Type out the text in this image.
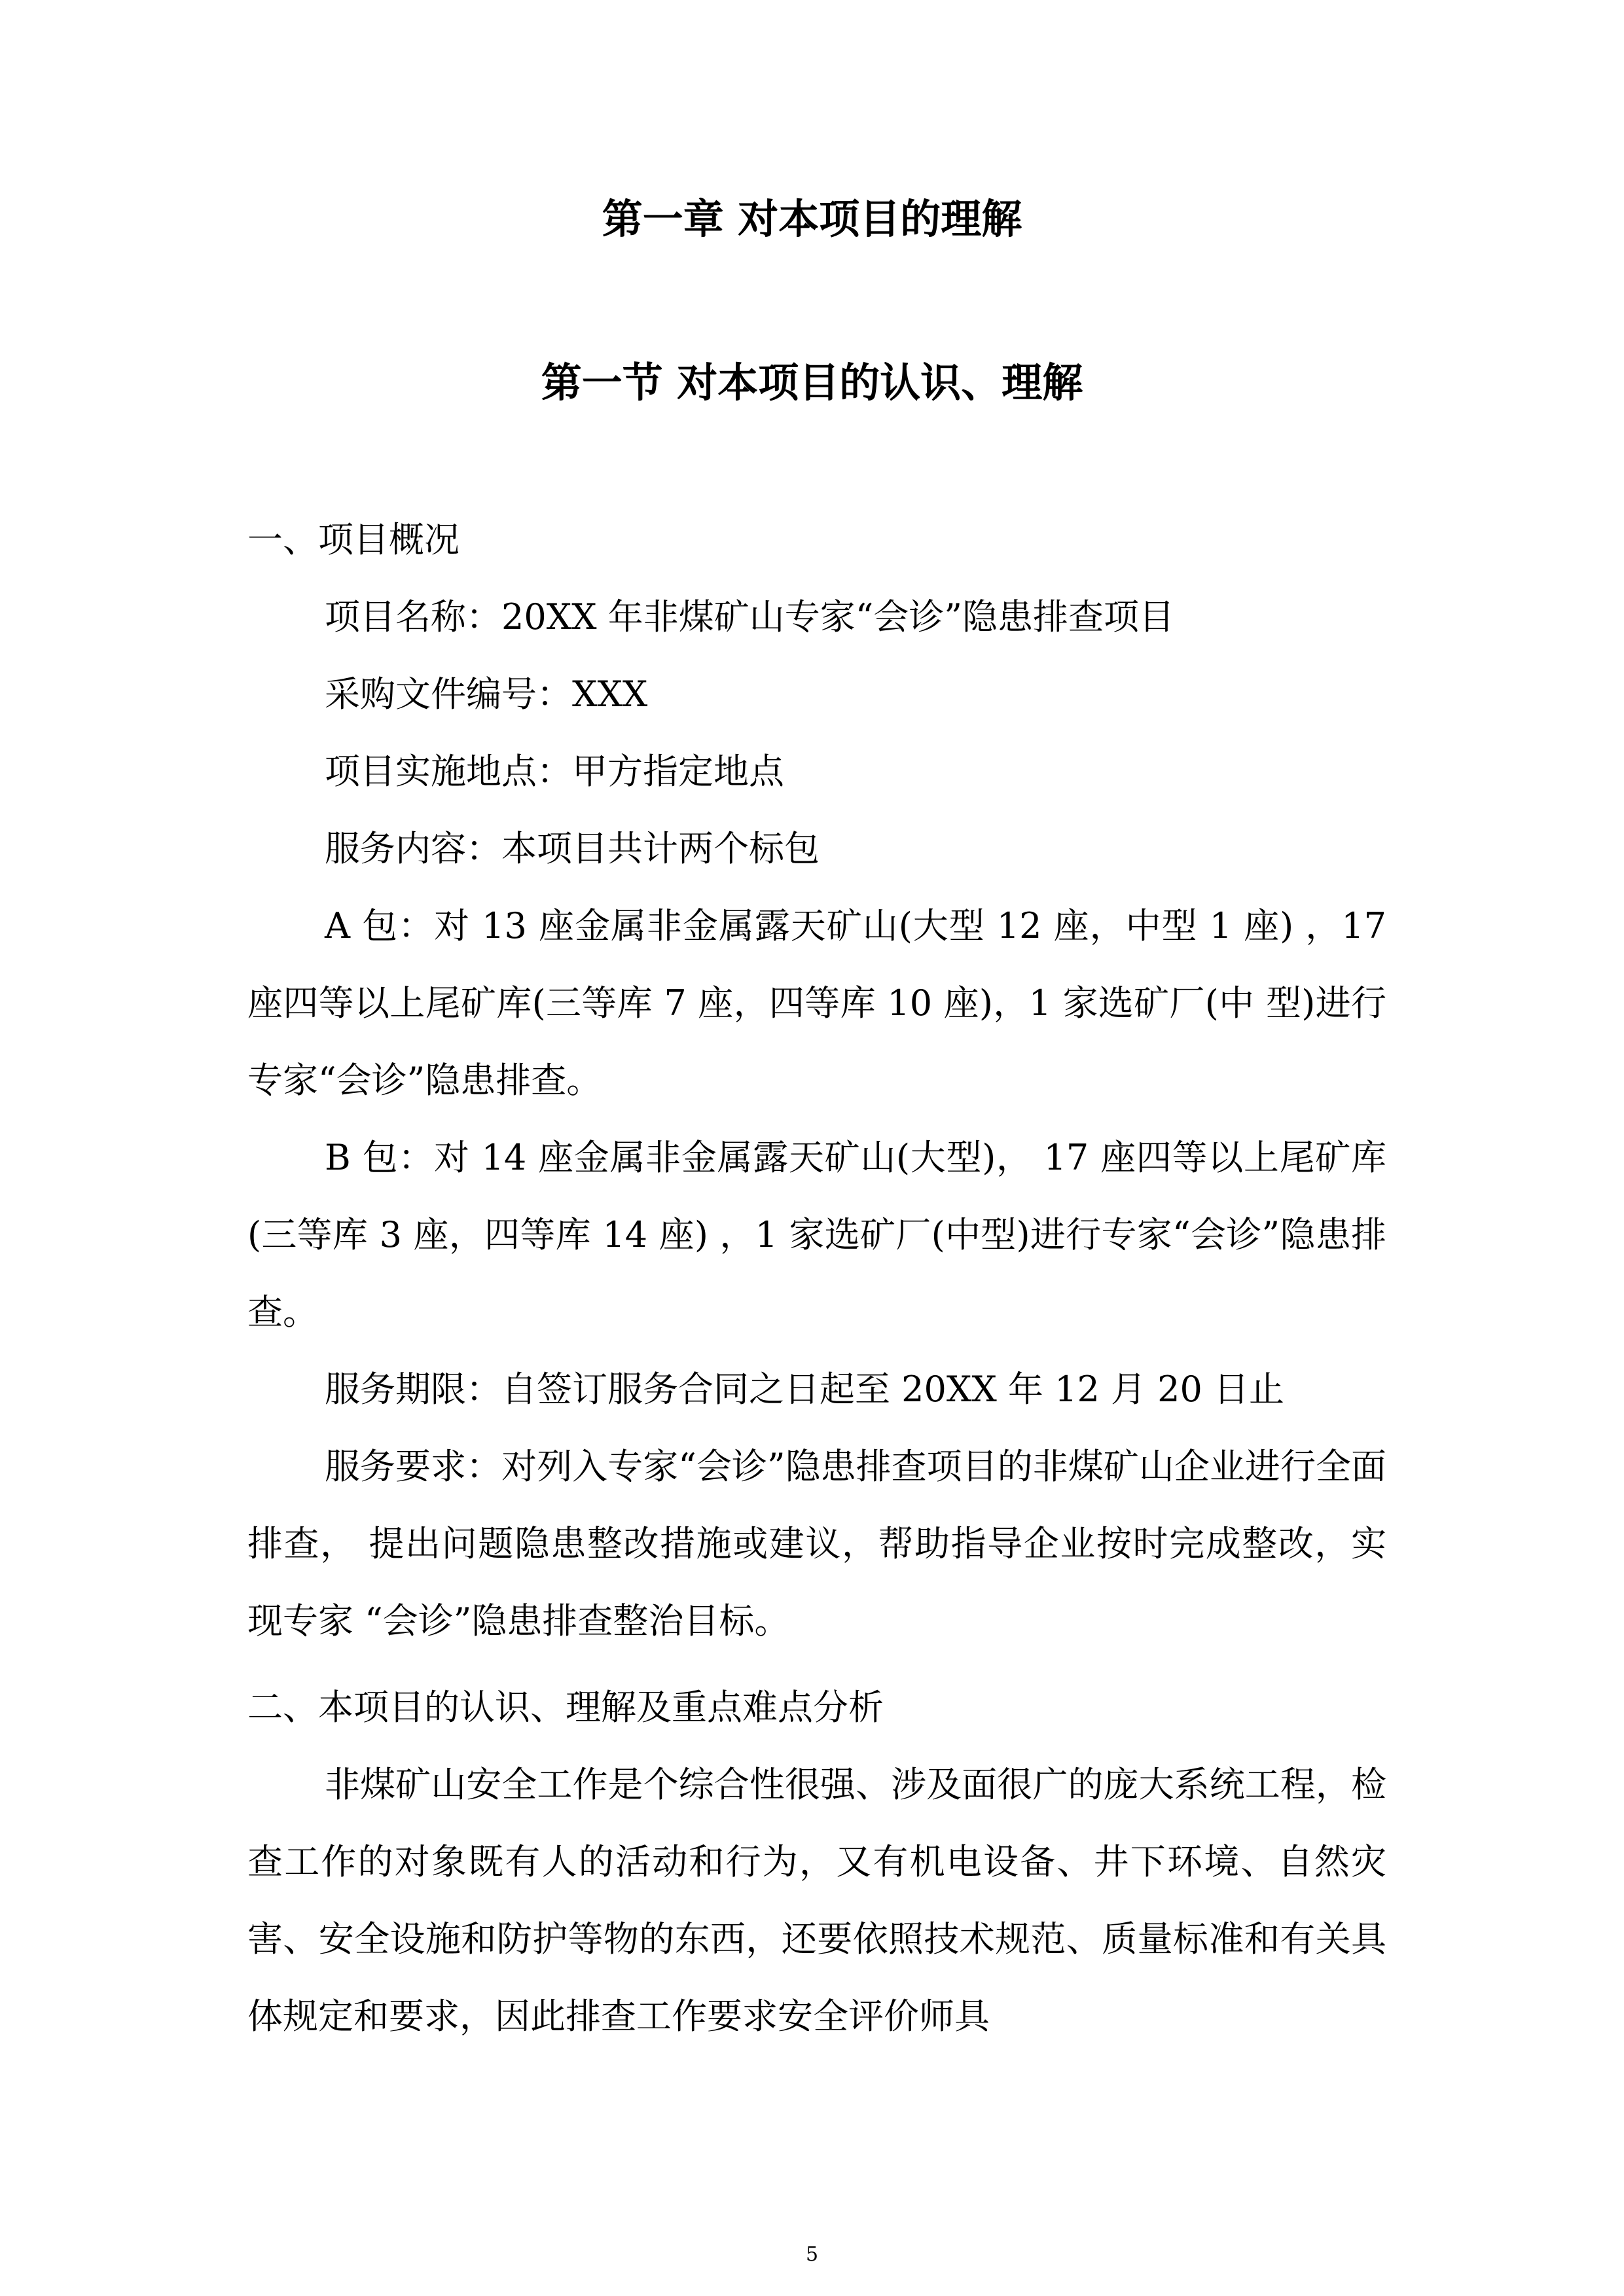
第一章 对本项目的理解
第一节 对本项目的认识、理解
一、项目概况
项目名称：20XX 年非煤矿山专家“会诊”隐患排查项目
采购文件编号：XXX
项目实施地点：甲方指定地点
服务内容：本项目共计两个标包
A 包：对 13 座金属非金属露天矿山(大型 12 座，中型 1 座) ，17 座四等以上尾矿库(三等库 7 座，四等库 10 座)，1 家选矿厂(中 型)进行专家“会诊”隐患排查。
B 包：对 14 座金属非金属露天矿山(大型)， 17 座四等以上尾矿库(三等库 3 座，四等库 14 座) ，1 家选矿厂(中型)进行专家“会诊”隐患排查。
服务期限：自签订服务合同之日起至 20XX 年 12 月 20 日止
服务要求：对列入专家“会诊”隐患排查项目的非煤矿山企业进行全面排查， 提出问题隐患整改措施或建议，帮助指导企业按时完成整改，实现专家 “会诊”隐患排查整治目标。
二、本项目的认识、理解及重点难点分析
非煤矿山安全工作是个综合性很强、涉及面很广的庞大系统工程，检查工作的对象既有人的活动和行为，又有机电设备、井下环境、自然灾害、安全设施和防护等物的东西，还要依照技术规范、质量标准和有关具体规定和要求，因此排查工作要求安全评价师具
5
